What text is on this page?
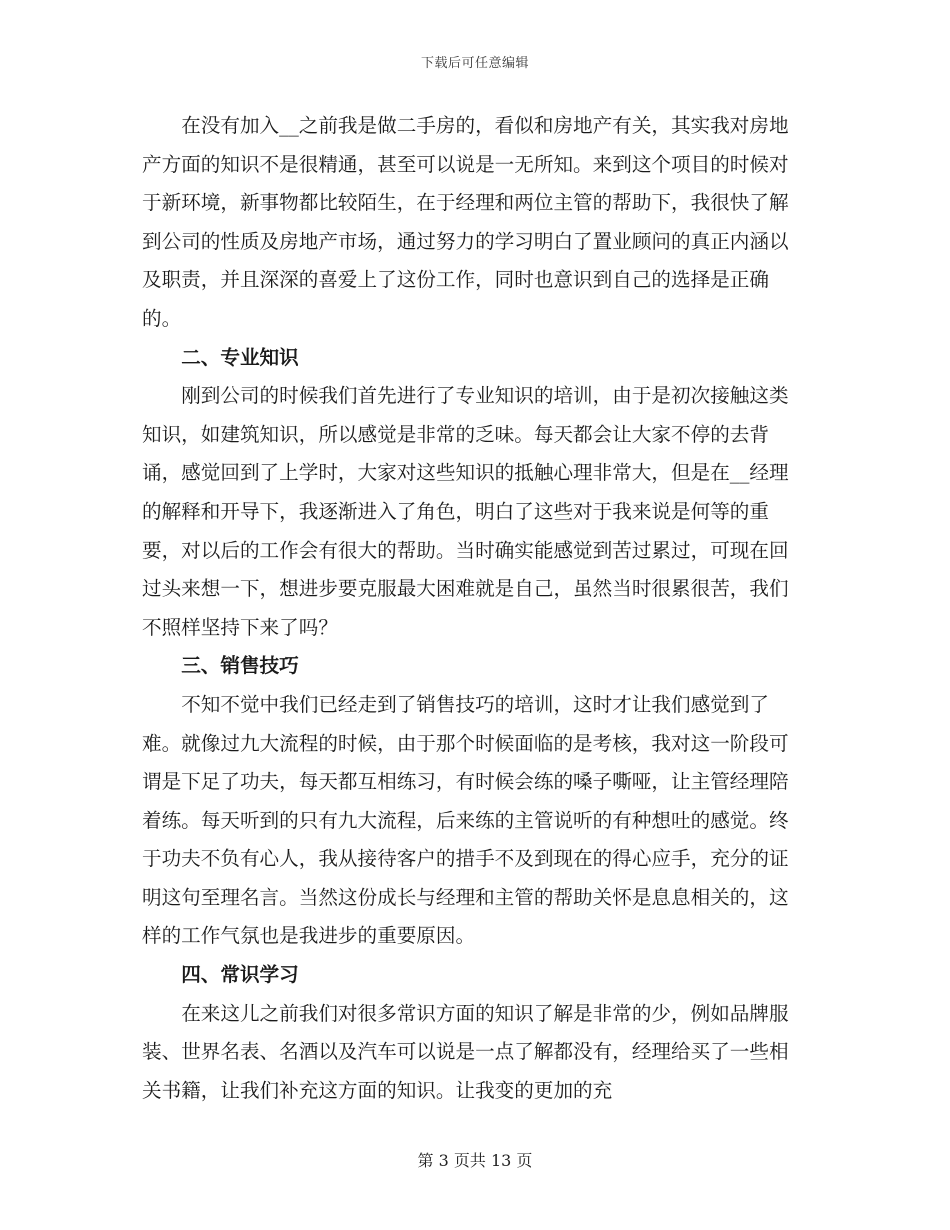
下载后可任意编辑

在没有加入__之前我是做二手房的，看似和房地产有关，其实我对房地产方面的知识不是很精通，甚至可以说是一无所知。来到这个项目的时候对于新环境，新事物都比较陌生，在于经理和两位主管的帮助下，我很快了解到公司的性质及房地产市场，通过努力的学习明白了置业顾问的真正内涵以及职责，并且深深的喜爱上了这份工作，同时也意识到自己的选择是正确的。

二、专业知识

刚到公司的时候我们首先进行了专业知识的培训，由于是初次接触这类知识，如建筑知识，所以感觉是非常的乏味。每天都会让大家不停的去背诵，感觉回到了上学时，大家对这些知识的抵触心理非常大，但是在__经理的解释和开导下，我逐渐进入了角色，明白了这些对于我来说是何等的重要，对以后的工作会有很大的帮助。当时确实能感觉到苦过累过，可现在回过头来想一下，想进步要克服最大困难就是自己，虽然当时很累很苦，我们不照样坚持下来了吗？

三、销售技巧

不知不觉中我们已经走到了销售技巧的培训，这时才让我们感觉到了难。就像过九大流程的时候，由于那个时候面临的是考核，我对这一阶段可谓是下足了功夫，每天都互相练习，有时候会练的嗓子嘶哑，让主管经理陪着练。每天听到的只有九大流程，后来练的主管说听的有种想吐的感觉。终于功夫不负有心人，我从接待客户的措手不及到现在的得心应手，充分的证明这句至理名言。当然这份成长与经理和主管的帮助关怀是息息相关的，这样的工作气氛也是我进步的重要原因。

四、常识学习

在来这儿之前我们对很多常识方面的知识了解是非常的少，例如品牌服装、世界名表、名酒以及汽车可以说是一点了解都没有，经理给买了一些相关书籍，让我们补充这方面的知识。让我变的更加的充

第 3 页共 13 页
